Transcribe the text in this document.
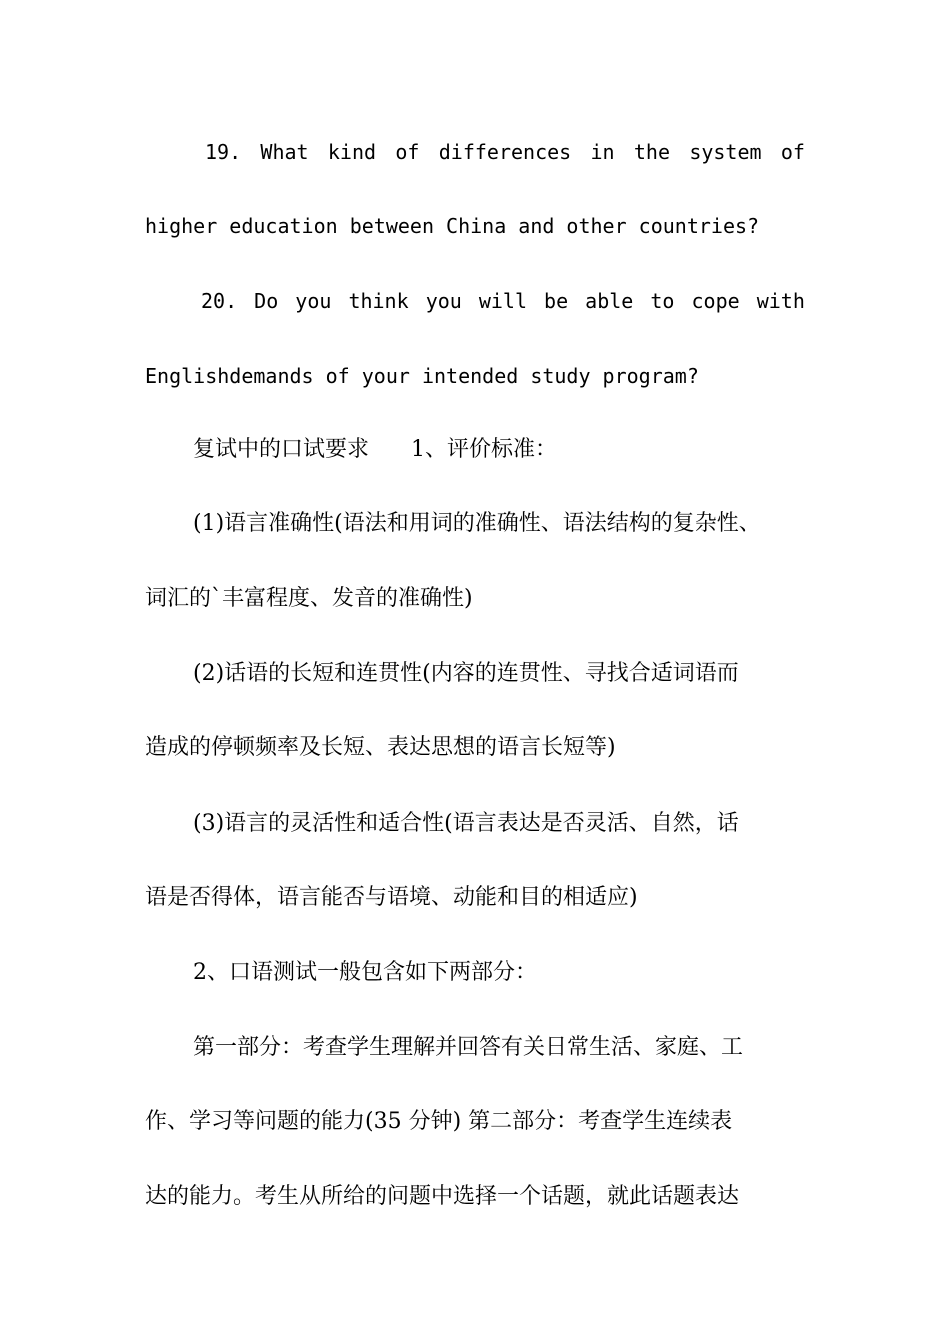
19. What kind of differences in the system of
higher education between China and other countries?
20. Do you think you will be able to cope with
Englishdemands of your intended study program?
复试中的口试要求      1、评价标准：
(1)语言准确性(语法和用词的准确性、语法结构的复杂性、
词汇的`丰富程度、发音的准确性)
(2)话语的长短和连贯性(内容的连贯性、寻找合适词语而
造成的停顿频率及长短、表达思想的语言长短等)
(3)语言的灵活性和适合性(语言表达是否灵活、自然，话
语是否得体，语言能否与语境、动能和目的相适应)
2、口语测试一般包含如下两部分：
第一部分：考查学生理解并回答有关日常生活、家庭、工
作、学习等问题的能力(35 分钟) 第二部分：考查学生连续表
达的能力。考生从所给的问题中选择一个话题，就此话题表达
